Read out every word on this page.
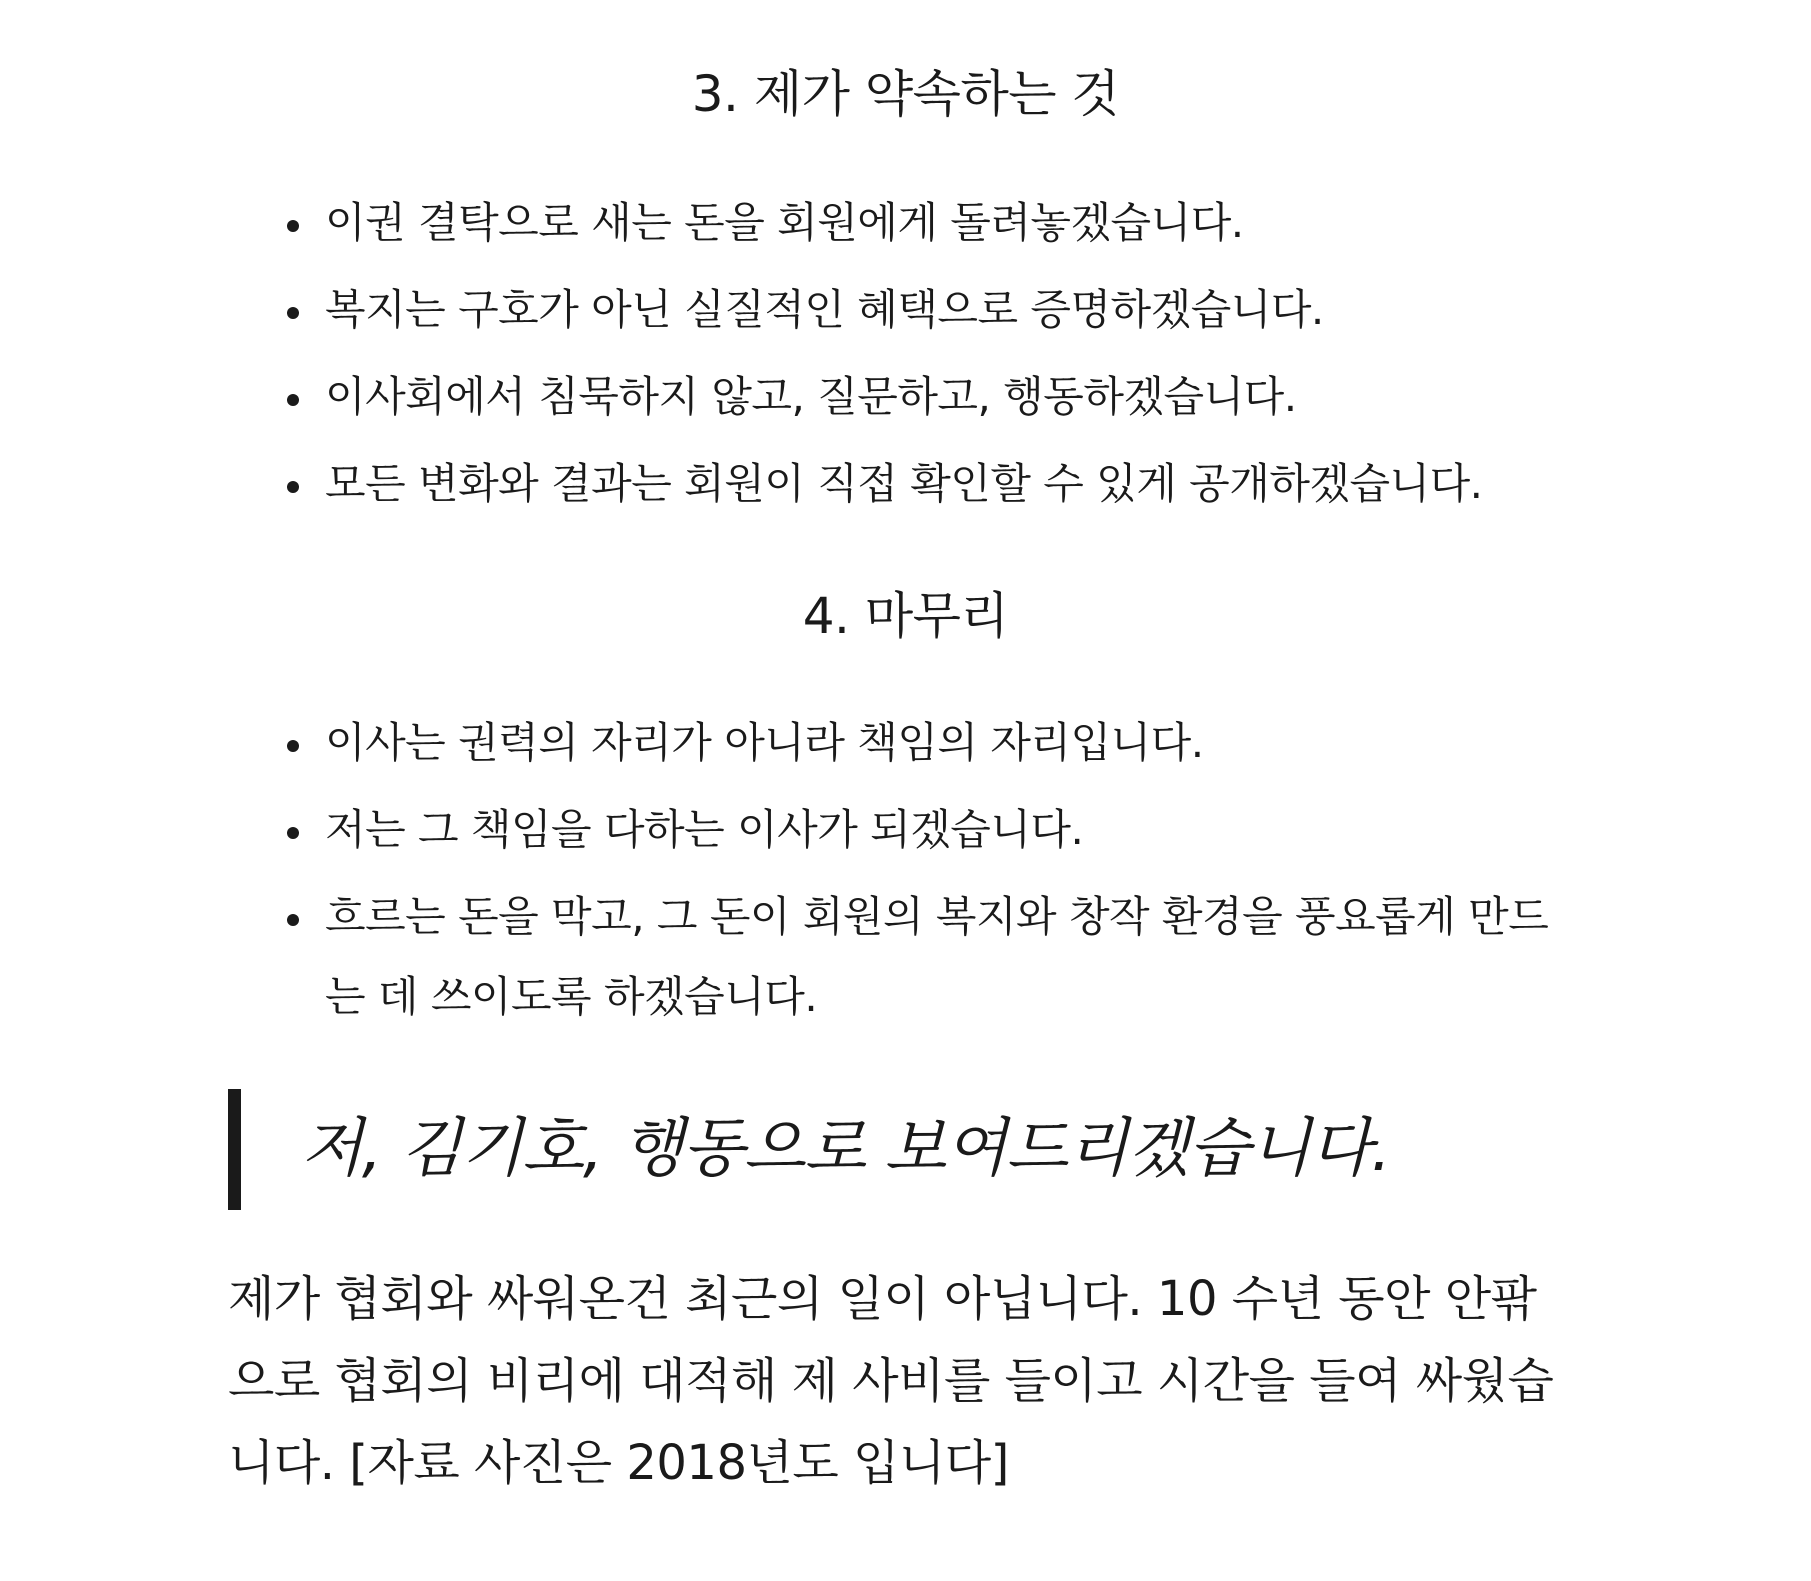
3. 제가 약속하는 것
이권 결탁으로 새는 돈을 회원에게 돌려놓겠습니다.
복지는 구호가 아닌 실질적인 혜택으로 증명하겠습니다.
이사회에서 침묵하지 않고, 질문하고, 행동하겠습니다.
모든 변화와 결과는 회원이 직접 확인할 수 있게 공개하겠습니다.
4. 마무리
이사는 권력의 자리가 아니라 책임의 자리입니다.
저는 그 책임을 다하는 이사가 되겠습니다.
흐르는 돈을 막고, 그 돈이 회원의 복지와 창작 환경을 풍요롭게 만드는 데 쓰이도록 하겠습니다.

저, 김기호, 행동으로 보여드리겠습니다.

제가 협회와 싸워온건 최근의 일이 아닙니다. 10 수년 동안 안팎으로 협회의 비리에 대적해 제 사비를 들이고 시간을 들여 싸웠습니다. [자료 사진은 2018년도 입니다]
